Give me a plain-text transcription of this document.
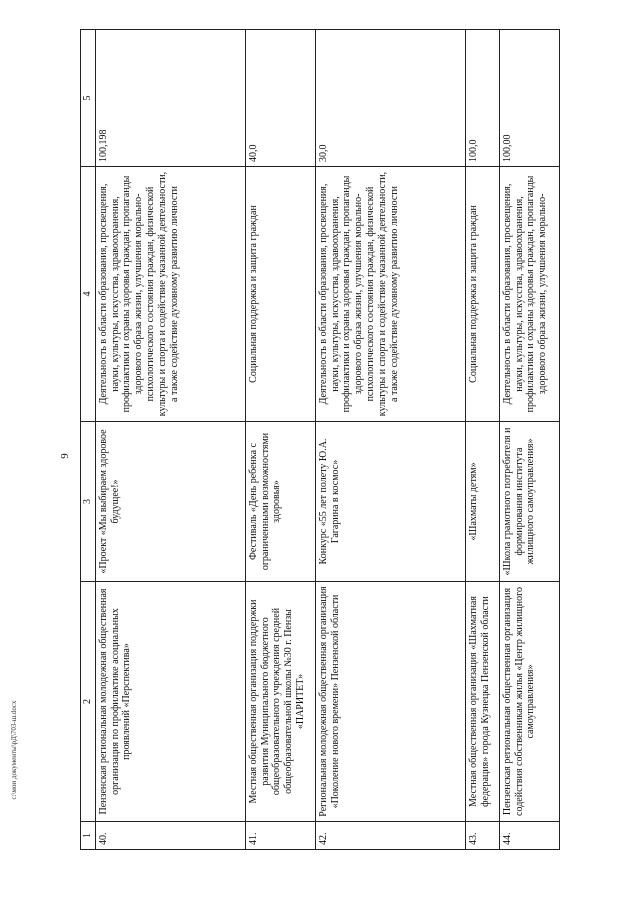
9
1	2	3	4	5
40.	Пензенская региональная молодежная общественная организация по профилактике асоциальных проявлений «Перспектива»	«Проект «Мы выбираем здоровое будущее!»	Деятельность в области образования, просвещения, науки, культуры, искусства, здравоохранения, профилактики и охраны здоровья граждан, пропаганды здорового образа жизни, улучшения морально-психологического состояния граждан, физической культуры и спорта и содействие указанной деятельности, а также содействие духовному развитию личности	100,198
41.	Местная общественная организация поддержки развития Муниципального бюджетного общеобразовательного учреждения средней общеобразовательной школы №30 г. Пензы «ПАРИТЕТ»	Фестиваль «День ребенка с ограниченными возможностями здоровья»	Социальная поддержка и защита граждан	40,0
42.	Региональная молодежная общественная организация «Поколение нового времени» Пензенской области	Конкурс «55 лет полету Ю.А. Гагарина в космос»	Деятельность в области образования, просвещения, науки, культуры, искусства, здравоохранения, профилактики и охраны здоровья граждан, пропаганды здорового образа жизни, улучшения морально-психологического состояния граждан, физической культуры и спорта и содействие указанной деятельности, а также содействие духовному развитию личности	30,0
43.	Местная общественная организация «Шахматная федерация» города Кузнецка Пензенской области	«Шахматы детям»	Социальная поддержка и защита граждан	100,0
44.	Пензенская региональная общественная организация содействия собственникам жилья «Центр жилищного самоуправления»	«Школа грамотного потребителя и формирования института жилищного самоуправления»	Деятельность в области образования, просвещения, науки, культуры, искусства, здравоохранения, профилактики и охраны здоровья граждан, пропаганды здорового образа жизни, улучшения морально-	100,00
c:\мои документы\рД\703-ш.docx
